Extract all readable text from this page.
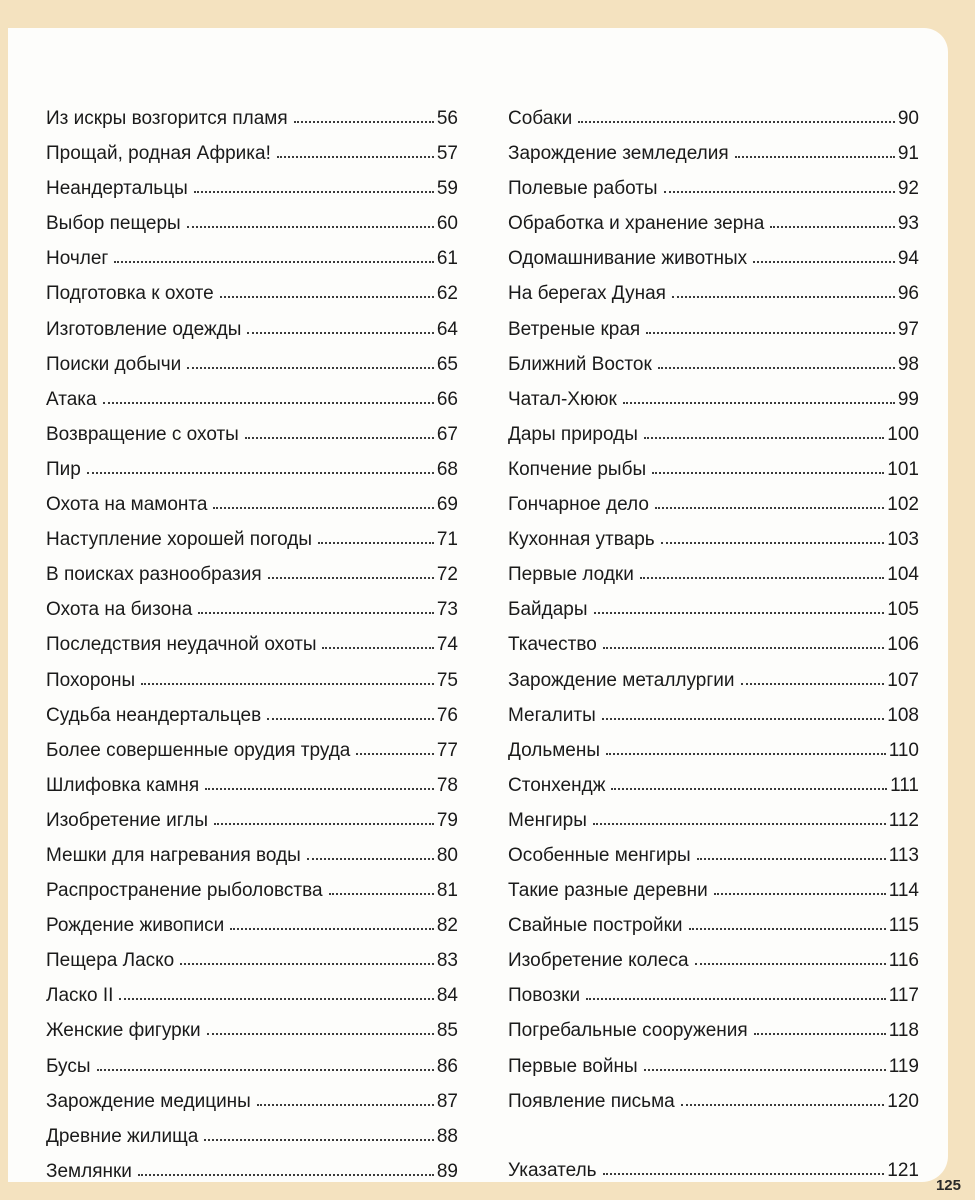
Из искры возгорится пламя	56
Прощай, родная Африка!	57
Неандертальцы	59
Выбор пещеры	60
Ночлег	61
Подготовка к охоте	62
Изготовление одежды	64
Поиски добычи	65
Атака	66
Возвращение с охоты	67
Пир	68
Охота на мамонта	69
Наступление хорошей погоды	71
В поисках разнообразия	72
Охота на бизона	73
Последствия неудачной охоты	74
Похороны	75
Судьба неандертальцев	76
Более совершенные орудия труда	77
Шлифовка камня	78
Изобретение иглы	79
Мешки для нагревания воды	80
Распространение рыболовства	81
Рождение живописи	82
Пещера Ласко	83
Ласко II	84
Женские фигурки	85
Бусы	86
Зарождение медицины	87
Древние жилища	88
Землянки	89
Собаки	90
Зарождение земледелия	91
Полевые работы	92
Обработка и хранение зерна	93
Одомашнивание животных	94
На берегах Дуная	96
Ветреные края	97
Ближний Восток	98
Чатал-Хююк	99
Дары природы	100
Копчение рыбы	101
Гончарное дело	102
Кухонная утварь	103
Первые лодки	104
Байдары	105
Ткачество	106
Зарождение металлургии	107
Мегалиты	108
Дольмены	110
Стонхендж	111
Менгиры	112
Особенные менгиры	113
Такие разные деревни	114
Свайные постройки	115
Изобретение колеса	116
Повозки	117
Погребальные сооружения	118
Первые войны	119
Появление письма	120
Указатель	121
125
